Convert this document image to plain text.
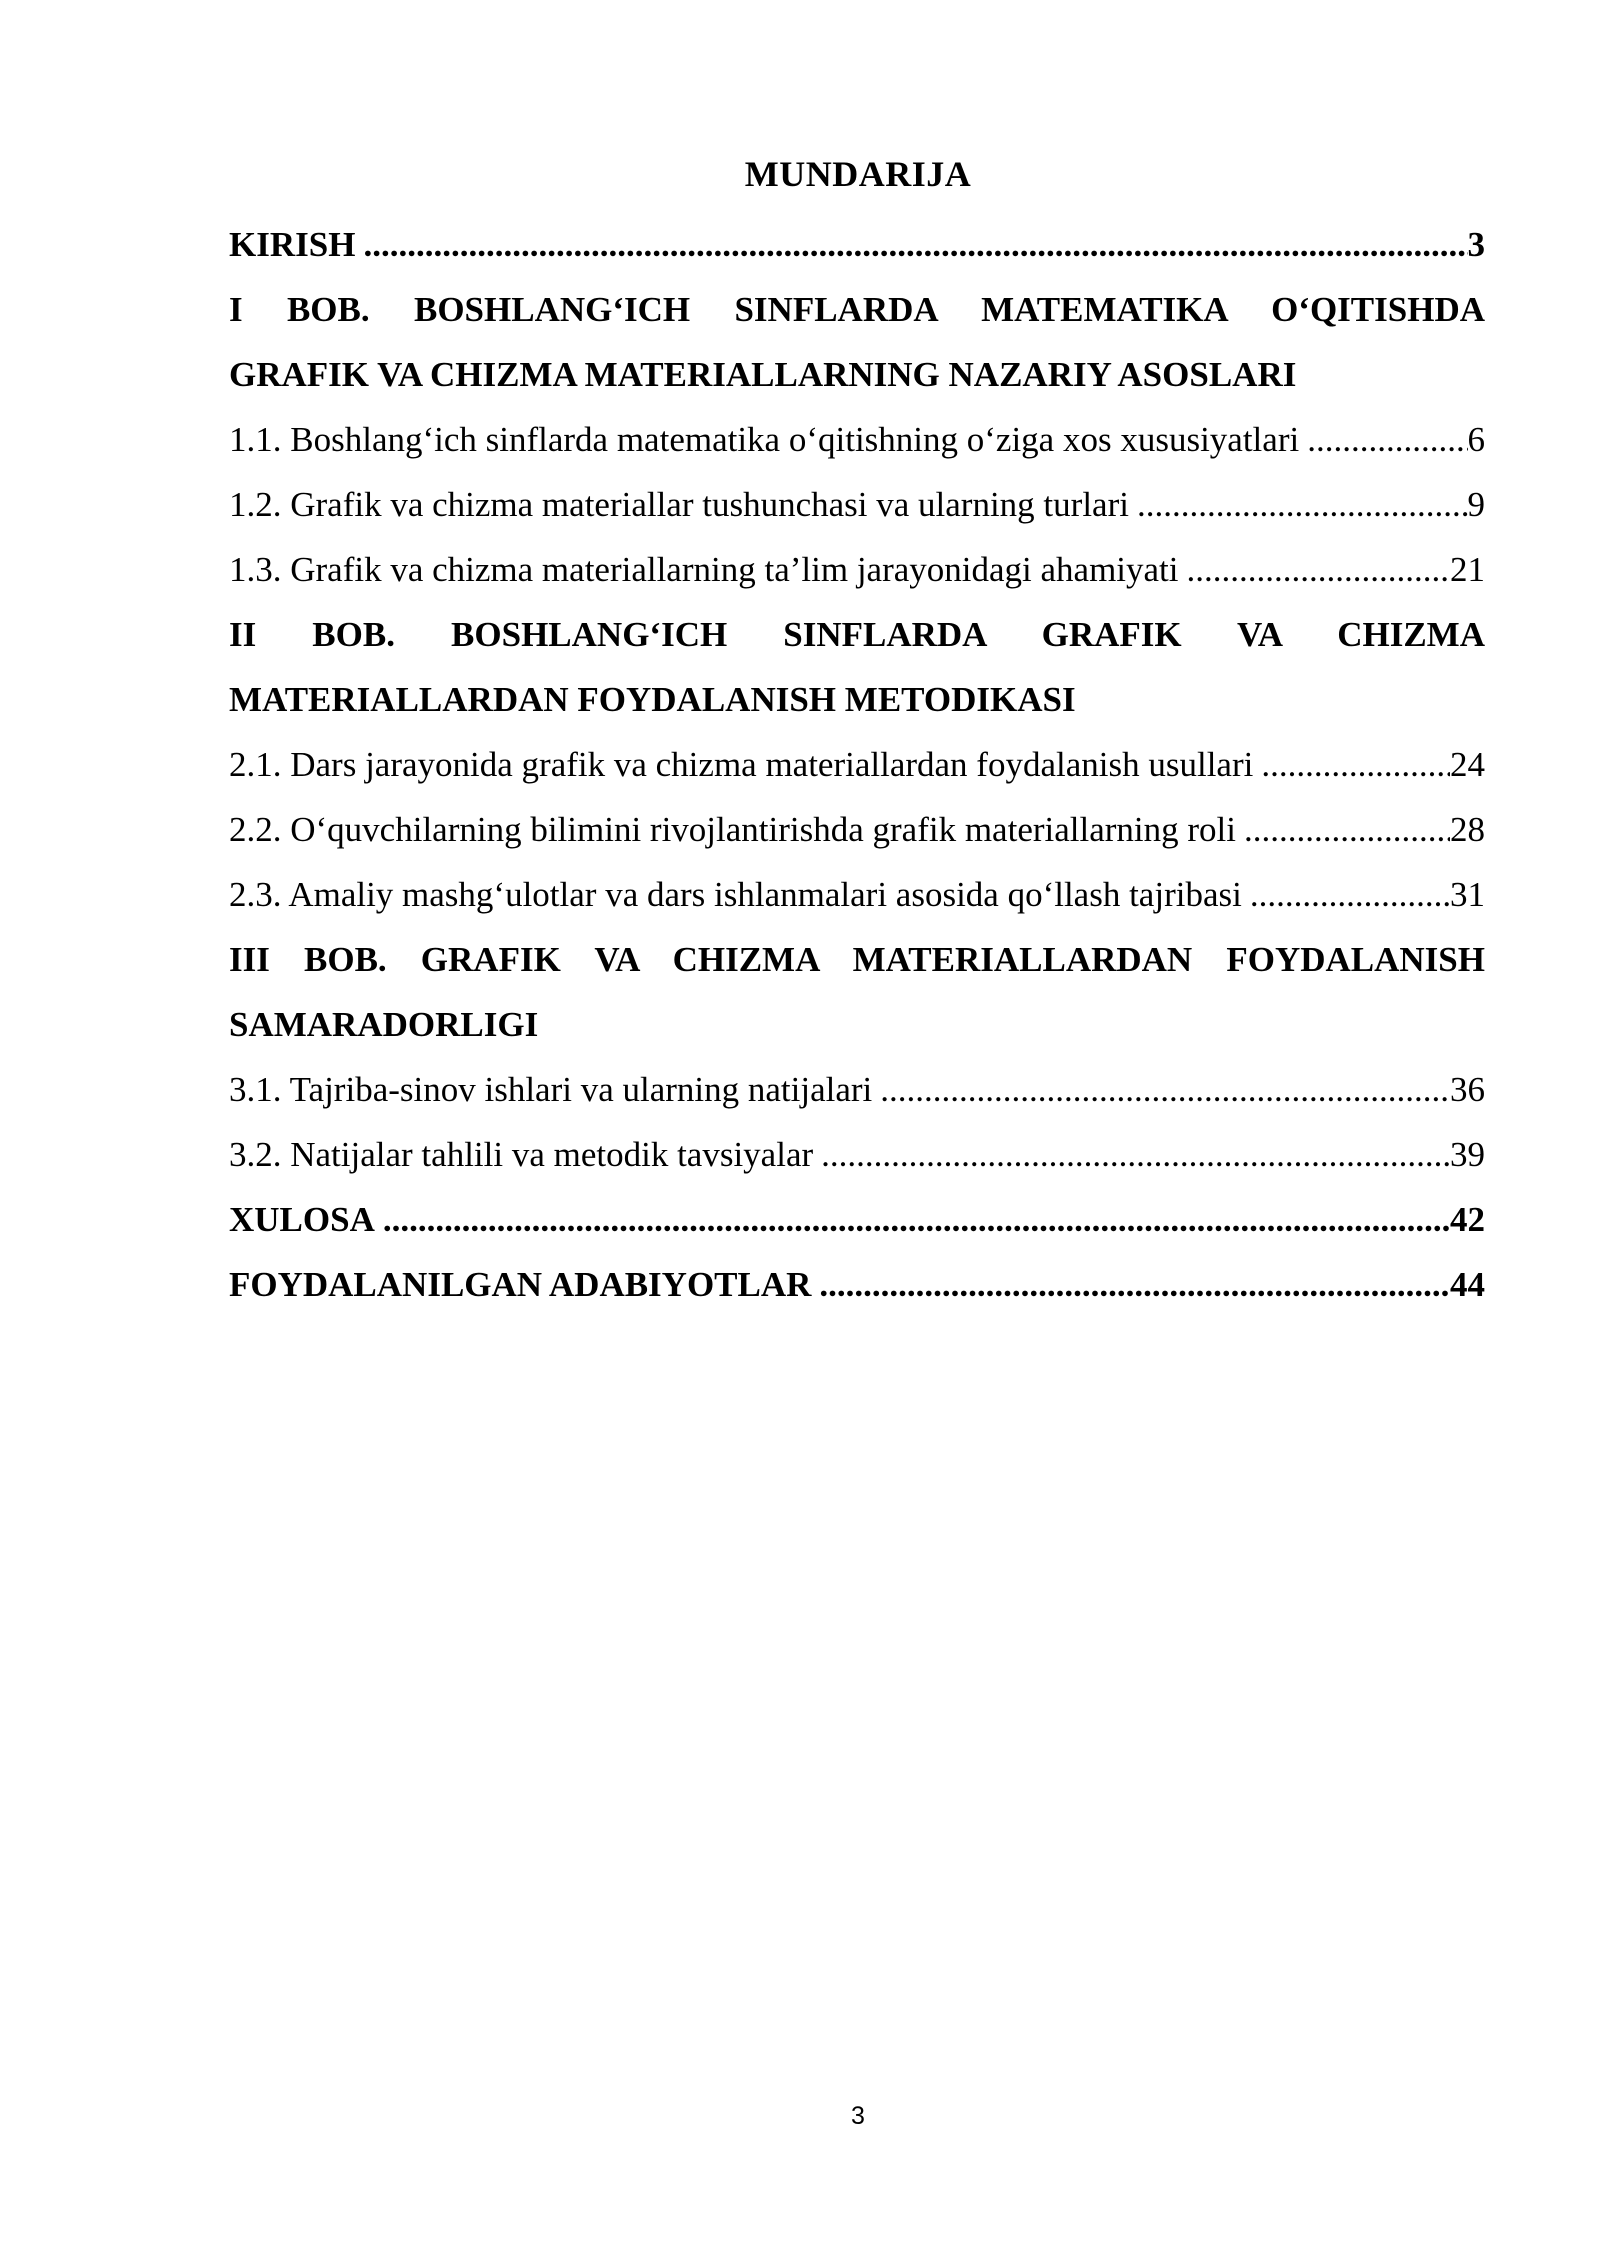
MUNDARIJA
KIRISH .....	3
I BOB. BOSHLANG‘ICH SINFLARDA MATEMATIKA O‘QITISHDA
GRAFIK VA CHIZMA MATERIALLARNING NAZARIY ASOSLARI
1.1. Boshlang‘ich sinflarda matematika o‘qitishning o‘ziga xos xususiyatlari .....	6
1.2. Grafik va chizma materiallar tushunchasi va ularning turlari .....	9
1.3. Grafik va chizma materiallarning ta’lim jarayonidagi ahamiyati .....	21
II BOB. BOSHLANG‘ICH SINFLARDA GRAFIK VA CHIZMA
MATERIALLARDAN FOYDALANISH METODIKASI
2.1. Dars jarayonida grafik va chizma materiallardan foydalanish usullari .....	24
2.2. O‘quvchilarning bilimini rivojlantirishda grafik materiallarning roli .....	28
2.3. Amaliy mashg‘ulotlar va dars ishlanmalari asosida qo‘llash tajribasi .....	31
III BOB. GRAFIK VA CHIZMA MATERIALLARDAN FOYDALANISH
SAMARADORLIGI
3.1. Tajriba-sinov ishlari va ularning natijalari .....	36
3.2. Natijalar tahlili va metodik tavsiyalar .....	39
XULOSA .....	42
FOYDALANILGAN ADABIYOTLAR .....	44
3
